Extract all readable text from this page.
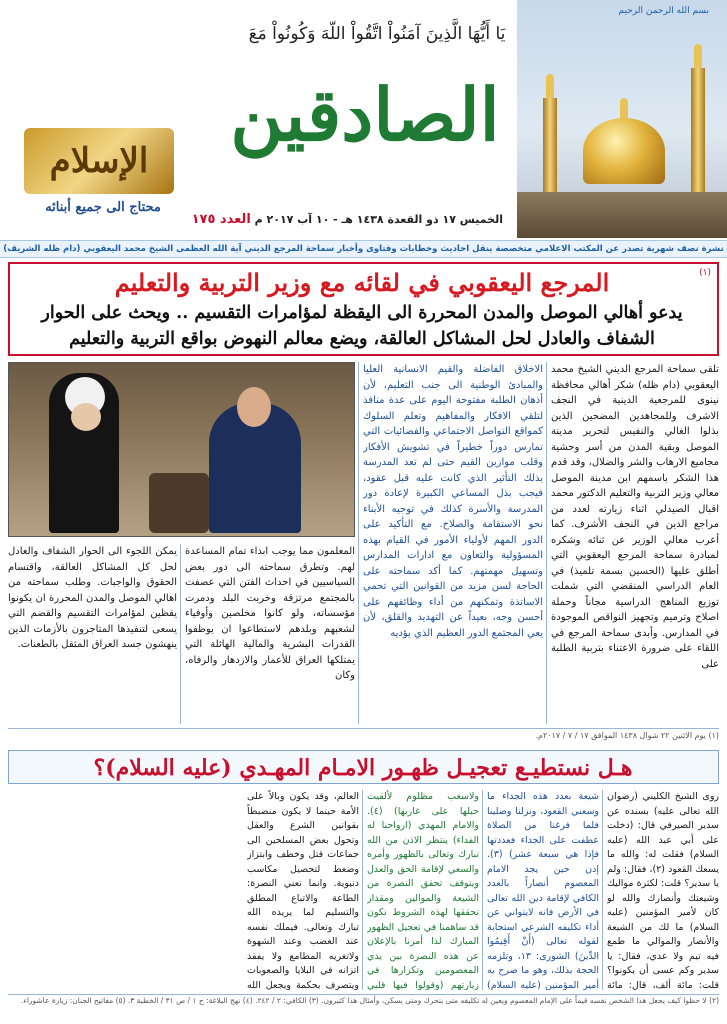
بسم الله الرحمن الرحيم
يَا أَيُّهَا الَّذِينَ آمَنُواْ اتَّقُواْ اللّهَ وَكُونُواْ مَعَ
الصادقين
الإسلام
محتاج الى جميع أبنائه
الخميس ١٧ ذو القعدة ١٤٣٨ هـ - ١٠ آب ٢٠١٧ م العدد ١٧٥
نشرة نصف شهرية تصدر عن المكتب الاعلامي متخصصة بنقل احاديث وخطابات وفتاوى وأخبار سماحة المرجع الديني آية الله العظمى الشيخ محمد اليعقوبي (دام ظله الشريف)
(١)
المرجع اليعقوبي في لقائه مع وزير التربية والتعليم
يدعو أهالي الموصل والمدن المحررة الى اليقظة لمؤامرات التقسيم .. ويحث على الحوار الشفاف والعادل لحل المشاكل العالقة، ويضع معالم النهوض بواقع التربية والتعليم
تلقى سماحة المرجع الديني الشيخ محمد اليعقوبي (دام ظله) شكر أهالي محافظة نينوى للمرجعية الدينية في النجف الاشرف وللمجاهدين المضحين الذين بذلوا الغالي والنفيس لتحرير مدينة الموصل وبقية المدن من أسر وحشية مجاميع الارهاب والشر والضلال، وقد قدم هذا الشكر باسمهم ابن مدينة الموصل معالي وزير التربية والتعليم الدكتور محمد اقبال الصيدلي اثناء زيارته لعدد من مراجع الدين في النجف الأشرف. كما أعرب معالي الوزير عن ثنائه وشكره لمبادرة سماحة المرجع اليعقوبي التي أطلق عليها (الحسين بسمة تلميذ) في العام الدراسي المنقضي التي شملت توزيع المناهج الدراسية مجاناً وحملة اصلاح وترميم وتجهيز النواقص الموجودة في المدارس. وأبدى سماحة المرجع في اللقاء على ضرورة الاعتناء بتربية الطلبة على
الاخلاق الفاضلة والقيم الانسانية العليا والمبادئ الوطنية الى جنب التعليم، لأن أذهان الطلبة مفتوحة اليوم على عدة منافذ لتلقي الافكار والمفاهيم وتعلم السلوك كمواقع التواصل الاجتماعي والفضائيات التي تمارس دوراً خطيراً في تشويش الأفكار وقلب موازين القيم حتى لم تعد المدرسة بذلك التأثير الذي كانت عليه قبل عقود، فيجب بذل المساعي الكبيرة لإعادة دور المدرسة والأسرة كذلك في توجيه الأبناء نحو الاستقامة والصلاح. مع التأكيد على الدور المهم لأولياء الأمور في القيام بهذه المسؤولية والتعاون مع ادارات المدارس وتسهيل مهمتهم. كما أكد سماحته على الحاجة لسن مزيد من القوانين التي تحمي الاساتذة وتمكنهم من أداء وظائفهم على أحسن وجه، بعيداً عن التهديد والقلق، لأن يعي المجتمع الدور العظيم الذي يؤديه
المعلمون مما يوجب ابداء تمام المساعدة لهم. وتطرق سماحته الى دور بعض السياسيين في احداث الفتن التي عصفت بالمجتمع مرتزقة وخربت البلد ودمرت مؤسساته، ولو كانوا مخلصين وأوفياء لشعبهم وبلدهم لاستطاعوا ان يوظفوا القدرات البشرية والمالية الهائلة التي يمتلكها العراق للأعمار والازدهار والرفاه، وكان
يمكن اللجوء الى الحوار الشفاف والعادل لحل كل المشاكل العالقة، واقتسام الحقوق والواجبات. وطلب سماحته من اهالي الموصل والمدن المحررة ان يكونوا يقظين لمؤامرات التقسيم والقضم التي يسعى لتنفيذها المتاجرون بالأزمات الذين ينهشون جسد العراق المثقل بالطعنات.
(١) يوم الاثنين ٢٢ شوال ١٤٣٨ الموافق ١٧ / ٧ / ٢٠١٧م.
هـل نستطيـع تعجيـل ظهـور الامـام المهـدي (عليه السلام)؟
روى الشيخ الكليني (رضوان الله تعالى عليه) بسنده عن سدير الصيرفي قال: (دخلت على أبي عبد الله (عليه السلام) فقلت له: والله ما يسعك القعود (٢)، فقال: ولم يا سدير؟ قلت: لكثرة مواليك وشيعتك وأنصارك والله لو كان لأمير المؤمنين (عليه السلام) ما لك من الشيعة والأنصار والموالي ما طمع فيه تيم ولا عدي، فقال: يا سدير وكم عسى أن يكونوا؟ قلت: مائة ألف، قال: مائة
شيعة بعدد هذه الجداء ما وسعني القعود، ونزلنا وصلينا فلما فرغنا من الصلاة عطفت على الجداء فعددتها فإذا هي سبعة عشر) (٣). إذن حين يجد الامام المعصوم أنصاراً بالعدد الكافي لإقامة دين الله تعالى في الأرض فانه لايتواني عن أداء تكليفه الشرعي استجابة لقوله تعالى (أَنْ أَقِيمُوا الدِّينَ) الشورى: ١٣، وتلزمه الحجة بذلك، وهو ما صرح به أمير المؤمنين (عليه السلام)
ولاسغب مظلوم لألقيت حبلها على غاربها) (٤). والامام المهدي (ارواحنا له الفداء) ينتظر الاذن من الله تبارك وتعالى بالظهور وأمره والسعي لإقامة الحق والعدل ويتوقف تحقق النصرة من الشيعة والموالين ومقدار تحققها لهذه الشروط نكون قد ساهمنا في تعجيل الظهور المبارك لذا أمرنا بالإعلان عن هذه النصرة بين يدي المعصومين وتكرارها في زيارتهم (وقولوا فيها قلبي
العالم، وقد يكون وبالاً على الأمة حينما لا يكون منضبطاً بقوانين الشرع والعقل وتحول بعض المسلحين الى جماعات قتل وخطف وابتزاز وضغط لتحصيل مكاسب دنيوية. وانما تعني النصرة: الطاعة والاتباع المطلق والتسليم لما يريده الله تبارك وتعالى. فيملك نفسه عند الغضب وعند الشهوة ولاتغريه المطامع ولا يفقد اتزانه في البلايا والصعوبات ويتصرف بحكمة ويجعل الله
(٢) لا حظوا كيف يجعل هذا الشخص نفسه قيماً على الإمام المعصوم ويعين له تكليفه متى يتحرك ومتى يسكن، وأمثال هذا كثيرون. (٣) الكافي: ٢ / ٢٤٢. (٤) نهج البلاغة: ج ١ / ص ٣١ / الخطبة ٣. (٥) مفاتيح الجنان: زيارة عاشوراء.
